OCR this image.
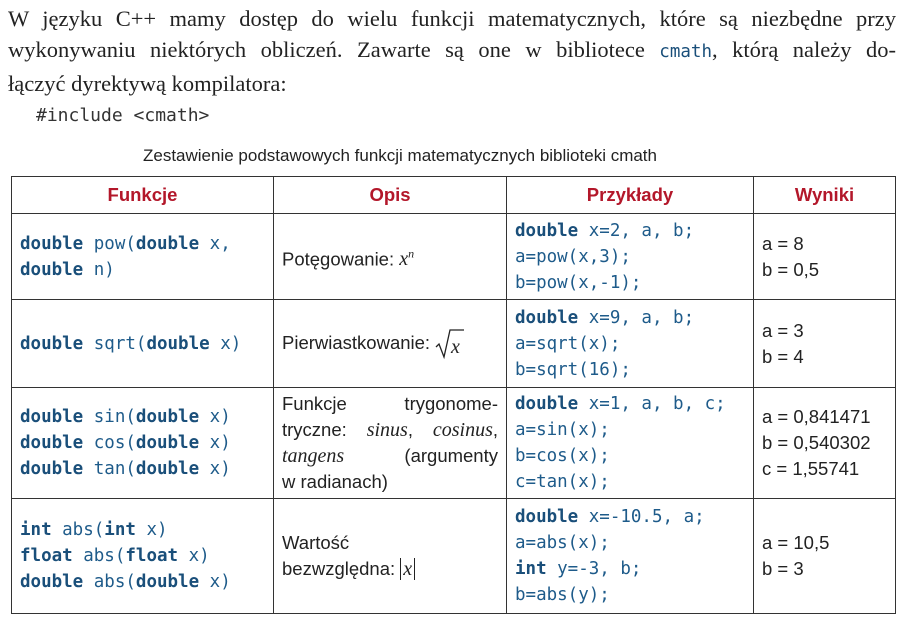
W języku C++ mamy dostęp do wielu funkcji matematycznych, które są niezbędne przy
wykonywaniu niektórych obliczeń. Zawarte są one w bibliotece cmath, którą należy do-
łączyć dyrektywą kompilatora:
#include <cmath>
Zestawienie podstawowych funkcji matematycznych biblioteki cmath
Funkcje	Opis	Przykłady	Wyniki

double pow(double x,
double n)	Potęgowanie: $x^n$	double x=2, a, b;
a=pow(x,3);
b=pow(x,-1);	a = 8
b = 0,5

double sqrt(double x)	Pierwiastkowanie: x	double x=9, a, b;
a=sqrt(x);
b=sqrt(16);	a = 3
b = 4

double sin(double x)
double cos(double x)
double tan(double x)	Funkcje trygonome-
tryczne: sinus, cosinus,
tangens (argumenty
w radianach)	double x=1, a, b, c;
a=sin(x);
b=cos(x);
c=tan(x);	a = 0,841471
b = 0,540302
c = 1,55741

int abs(int x)
float abs(float x)
double abs(double x)	Wartość
bezwzględna: x	double x=-10.5, a;
a=abs(x);
int y=-3, b;
b=abs(y);	a = 10,5
b = 3
